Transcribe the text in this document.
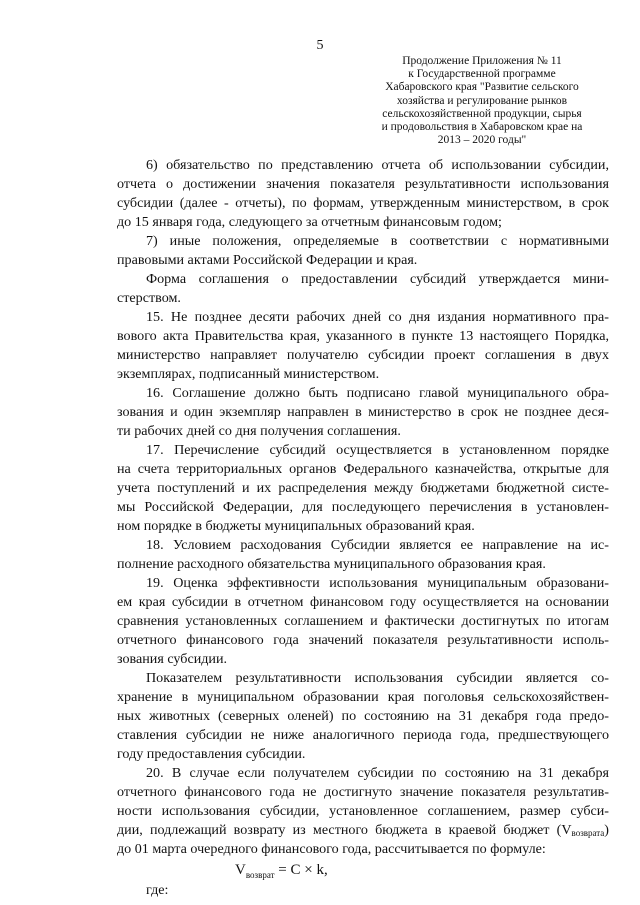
5
Продолжение Приложения № 11
к Государственной программе
Хабаровского края "Развитие сельского
хозяйства и регулирование рынков
сельскохозяйственной продукции, сырья
и продовольствия в Хабаровском крае на
2013 – 2020 годы"
6) обязательство по представлению отчета об использовании субсидии,
отчета о достижении значения показателя результативности использования
субсидии (далее - отчеты), по формам, утвержденным министерством, в срок
до 15 января года, следующего за отчетным финансовым годом;
7) иные положения, определяемые в соответствии с нормативными
правовыми актами Российской Федерации и края.
Форма соглашения о предоставлении субсидий утверждается мини-
стерством.
15. Не позднее десяти рабочих дней со дня издания нормативного пра-
вового акта Правительства края, указанного в пункте 13 настоящего Порядка,
министерство направляет получателю субсидии проект соглашения в двух
экземплярах, подписанный министерством.
16. Соглашение должно быть подписано главой муниципального обра-
зования и один экземпляр направлен в министерство в срок не позднее деся-
ти рабочих дней со дня получения соглашения.
17. Перечисление субсидий осуществляется в установленном порядке
на счета территориальных органов Федерального казначейства, открытые для
учета поступлений и их распределения между бюджетами бюджетной систе-
мы Российской Федерации, для последующего перечисления в установлен-
ном порядке в бюджеты муниципальных образований края.
18. Условием расходования Субсидии является ее направление на ис-
полнение расходного обязательства муниципального образования края.
19. Оценка эффективности использования муниципальным образовани-
ем края субсидии в отчетном финансовом году осуществляется на основании
сравнения установленных соглашением и фактически достигнутых по итогам
отчетного финансового года значений показателя результативности исполь-
зования субсидии.
Показателем результативности использования субсидии является со-
хранение в муниципальном образовании края поголовья сельскохозяйствен-
ных животных (северных оленей) по состоянию на 31 декабря года предо-
ставления субсидии не ниже аналогичного периода года, предшествующего
году предоставления субсидии.
20. В случае если получателем субсидии по состоянию на 31 декабря
отчетного финансового года не достигнуто значение показателя результатив-
ности использования субсидии, установленное соглашением, размер субси-
дии, подлежащий возврату из местного бюджета в краевой бюджет $(V_{возврата})$
до 01 марта очередного финансового года, рассчитывается по формуле:
$V_{возврат} = C \times k$,
где:
